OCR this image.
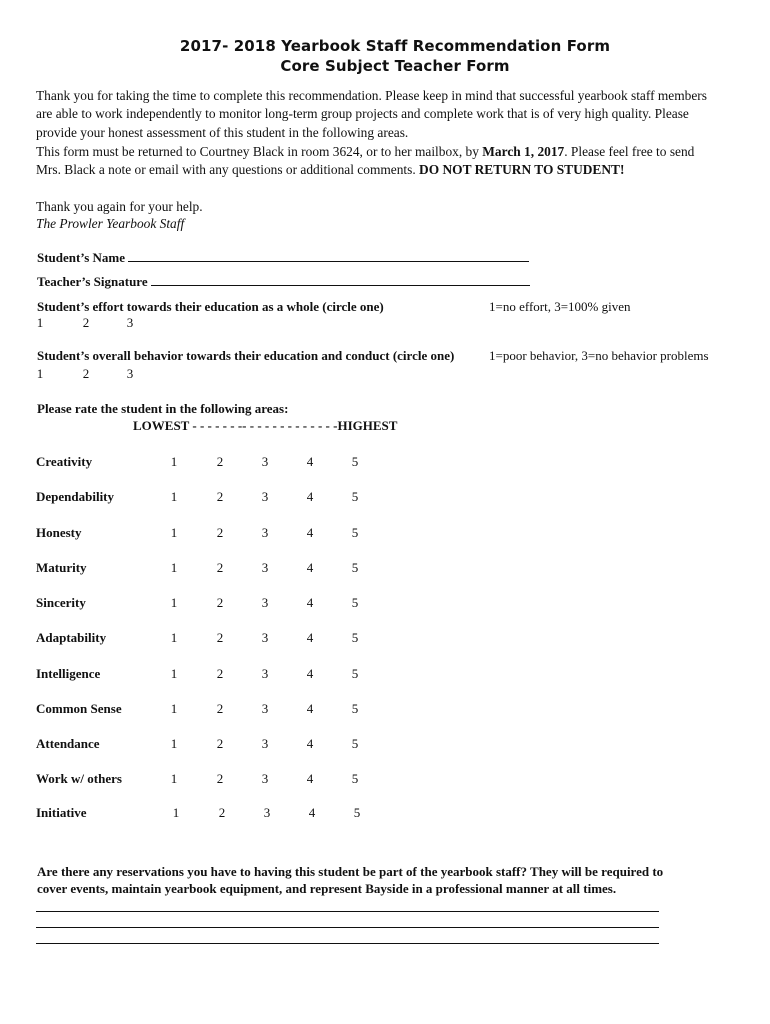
2017- 2018 Yearbook Staff Recommendation Form
Core Subject Teacher Form
Thank you for taking the time to complete this recommendation. Please keep in mind that successful yearbook staff members
are able to work independently to monitor long-term group projects and complete work that is of very high quality. Please
provide your honest assessment of this student in the following areas.
This form must be returned to Courtney Black in room 3624, or to her mailbox, by March 1, 2017. Please feel free to send
Mrs. Black a note or email with any questions or additional comments. DO NOT RETURN TO STUDENT!
Thank you again for your help.
The Prowler Yearbook Staff
Student’s Name
Teacher’s Signature
Student’s effort towards their education as a whole (circle one)	1=no effort, 3=100% given
1	2	3
Student’s overall behavior towards their education and conduct (circle one)	1=poor behavior, 3=no behavior problems
1	2	3
Please rate the student in the following areas:
LOWEST - - - - - - -- - - - - - - - - - - - -HIGHEST
Creativity	1	2	3	4	5
Dependability	1	2	3	4	5
Honesty	1	2	3	4	5
Maturity	1	2	3	4	5
Sincerity	1	2	3	4	5
Adaptability	1	2	3	4	5
Intelligence	1	2	3	4	5
Common Sense	1	2	3	4	5
Attendance	1	2	3	4	5
Work w/ others	1	2	3	4	5
Initiative	1	2	3	4	5
Are there any reservations you have to having this student be part of the yearbook staff? They will be required to
cover events, maintain yearbook equipment, and represent Bayside in a professional manner at all times.
